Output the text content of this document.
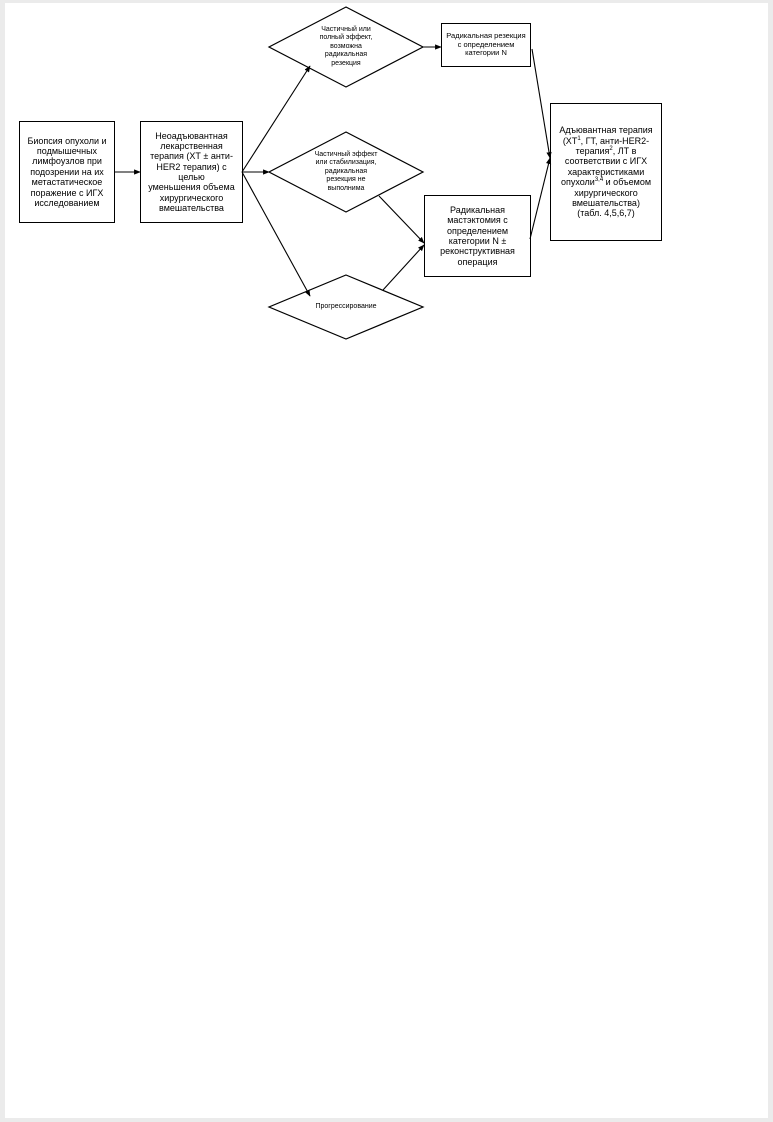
Биопсия опухоли и
подмышечных
лимфоузлов при
подозрении на их
метастатическое
поражение с ИГХ
исследованием
Неоадъювантная
лекарственная
терапия (ХТ ± анти-
HER2 терапия) с целью
уменьшения объема
хирургического
вмешательства
Радикальная резекция
с определением
категории N
Радикальная
мастэктомия с
определением
категории N ±
реконструктивная
операция
Адъювантная терапия
($ХТ^1$, ГТ, анти-HER2-
терапия$^2$, ЛТ в
соответствии с ИГХ
характеристиками
опухоли$^{3,4}$ и объемом
хирургического
вмешательства)
(табл. 4,5,6,7)
Частичный или
полный эффект,
возможна
радикальная
резекция
Частичный эффект
или стабилизация,
радикальная
резекция не
выполнима
Прогрессирование
